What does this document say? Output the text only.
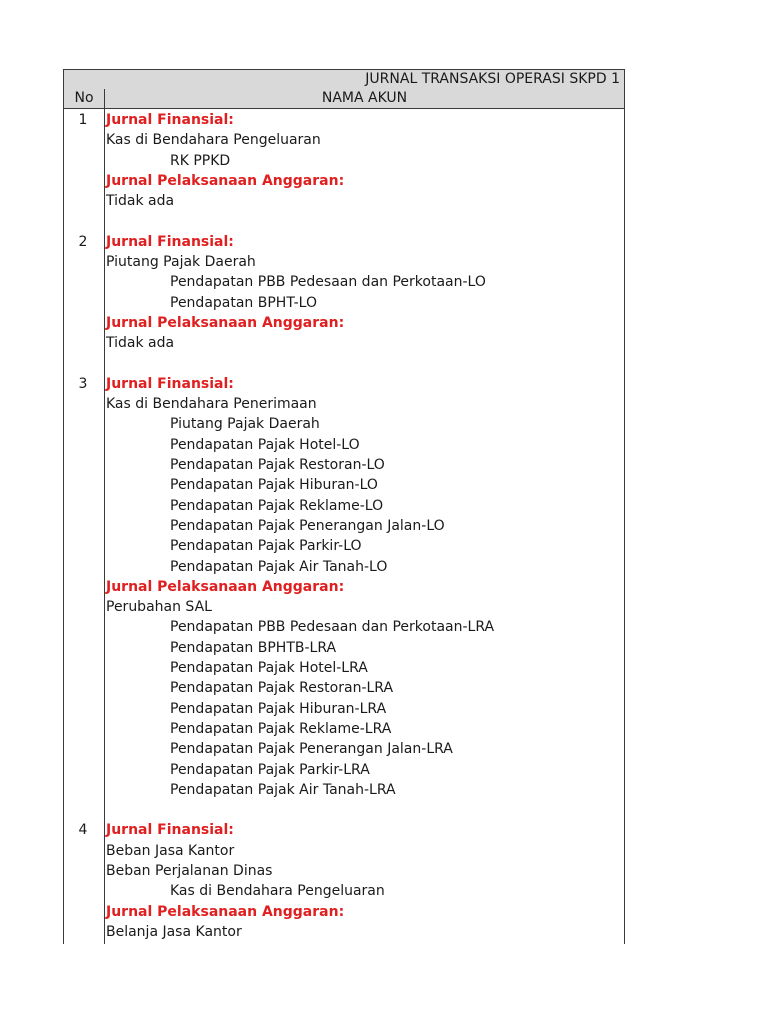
JURNAL TRANSAKSI OPERASI SKPD 1
No	NAMA AKUN
1	Jurnal Finansial:
Kas di Bendahara Pengeluaran
RK PPKD
Jurnal Pelaksanaan Anggaran:
Tidak ada
2	Jurnal Finansial:
Piutang Pajak Daerah
Pendapatan PBB Pedesaan dan Perkotaan-LO
Pendapatan BPHT-LO
Jurnal Pelaksanaan Anggaran:
Tidak ada
3	Jurnal Finansial:
Kas di Bendahara Penerimaan
Piutang Pajak Daerah
Pendapatan Pajak Hotel-LO
Pendapatan Pajak Restoran-LO
Pendapatan Pajak Hiburan-LO
Pendapatan Pajak Reklame-LO
Pendapatan Pajak Penerangan Jalan-LO
Pendapatan Pajak Parkir-LO
Pendapatan Pajak Air Tanah-LO
Jurnal Pelaksanaan Anggaran:
Perubahan SAL
Pendapatan PBB Pedesaan dan Perkotaan-LRA
Pendapatan BPHTB-LRA
Pendapatan Pajak Hotel-LRA
Pendapatan Pajak Restoran-LRA
Pendapatan Pajak Hiburan-LRA
Pendapatan Pajak Reklame-LRA
Pendapatan Pajak Penerangan Jalan-LRA
Pendapatan Pajak Parkir-LRA
Pendapatan Pajak Air Tanah-LRA
4	Jurnal Finansial:
Beban Jasa Kantor
Beban Perjalanan Dinas
Kas di Bendahara Pengeluaran
Jurnal Pelaksanaan Anggaran:
Belanja Jasa Kantor
